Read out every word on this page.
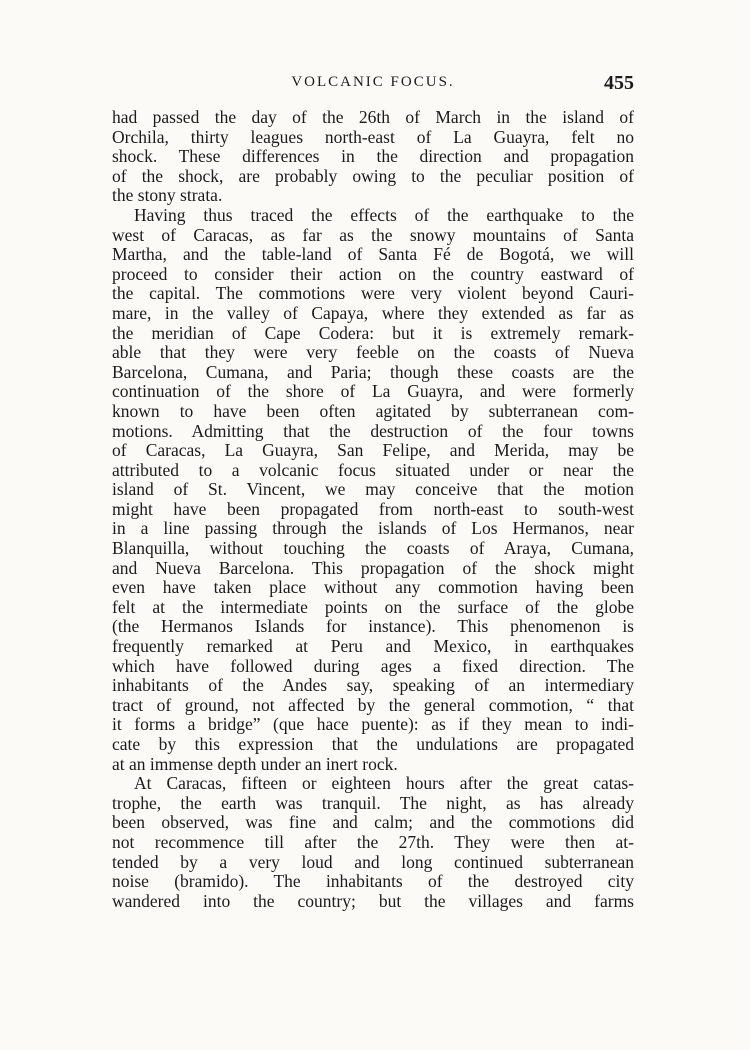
VOLCANIC FOCUS.	455
had passed the day of the 26th of March in the island of
Orchila, thirty leagues north-east of La Guayra, felt no
shock. These differences in the direction and propagation
of the shock, are probably owing to the peculiar position of
the stony strata.
Having thus traced the effects of the earthquake to the
west of Caracas, as far as the snowy mountains of Santa
Martha, and the table-land of Santa Fé de Bogotá, we will
proceed to consider their action on the country eastward of
the capital. The commotions were very violent beyond Cauri-
mare, in the valley of Capaya, where they extended as far as
the meridian of Cape Codera: but it is extremely remark-
able that they were very feeble on the coasts of Nueva
Barcelona, Cumana, and Paria; though these coasts are the
continuation of the shore of La Guayra, and were formerly
known to have been often agitated by subterranean com-
motions. Admitting that the destruction of the four towns
of Caracas, La Guayra, San Felipe, and Merida, may be
attributed to a volcanic focus situated under or near the
island of St. Vincent, we may conceive that the motion
might have been propagated from north-east to south-west
in a line passing through the islands of Los Hermanos, near
Blanquilla, without touching the coasts of Araya, Cumana,
and Nueva Barcelona. This propagation of the shock might
even have taken place without any commotion having been
felt at the intermediate points on the surface of the globe
(the Hermanos Islands for instance). This phenomenon is
frequently remarked at Peru and Mexico, in earthquakes
which have followed during ages a fixed direction. The
inhabitants of the Andes say, speaking of an intermediary
tract of ground, not affected by the general commotion, “ that
it forms a bridge” (que hace puente): as if they mean to indi-
cate by this expression that the undulations are propagated
at an immense depth under an inert rock.
At Caracas, fifteen or eighteen hours after the great catas-
trophe, the earth was tranquil. The night, as has already
been observed, was fine and calm; and the commotions did
not recommence till after the 27th. They were then at-
tended by a very loud and long continued subterranean
noise (bramido). The inhabitants of the destroyed city
wandered into the country; but the villages and farms
